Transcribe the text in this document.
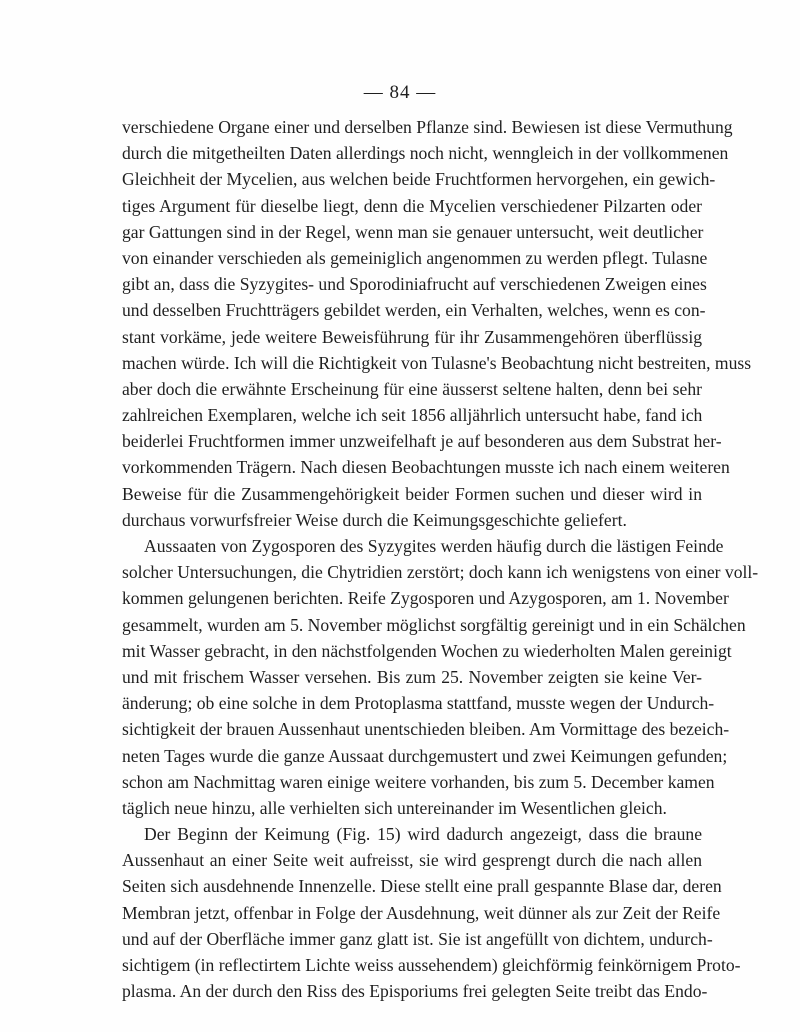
— 84 —
verschiedene Organe einer und derselben Pflanze sind. Bewiesen ist diese Vermuthung
durch die mitgetheilten Daten allerdings noch nicht, wenngleich in der vollkommenen
Gleichheit der Mycelien, aus welchen beide Fruchtformen hervorgehen, ein gewich-
tiges Argument für dieselbe liegt, denn die Mycelien verschiedener Pilzarten oder
gar Gattungen sind in der Regel, wenn man sie genauer untersucht, weit deutlicher
von einander verschieden als gemeiniglich angenommen zu werden pflegt. Tulasne
gibt an, dass die Syzygites- und Sporodiniafrucht auf verschiedenen Zweigen eines
und desselben Fruchtträgers gebildet werden, ein Verhalten, welches, wenn es con-
stant vorkäme, jede weitere Beweisführung für ihr Zusammengehören überflüssig
machen würde. Ich will die Richtigkeit von Tulasne's Beobachtung nicht bestreiten, muss
aber doch die erwähnte Erscheinung für eine äusserst seltene halten, denn bei sehr
zahlreichen Exemplaren, welche ich seit 1856 alljährlich untersucht habe, fand ich
beiderlei Fruchtformen immer unzweifelhaft je auf besonderen aus dem Substrat her-
vorkommenden Trägern. Nach diesen Beobachtungen musste ich nach einem weiteren
Beweise für die Zusammengehörigkeit beider Formen suchen und dieser wird in
durchaus vorwurfsfreier Weise durch die Keimungsgeschichte geliefert.
Aussaaten von Zygosporen des Syzygites werden häufig durch die lästigen Feinde
solcher Untersuchungen, die Chytridien zerstört; doch kann ich wenigstens von einer voll-
kommen gelungenen berichten. Reife Zygosporen und Azygosporen, am 1. November
gesammelt, wurden am 5. November möglichst sorgfältig gereinigt und in ein Schälchen
mit Wasser gebracht, in den nächstfolgenden Wochen zu wiederholten Malen gereinigt
und mit frischem Wasser versehen. Bis zum 25. November zeigten sie keine Ver-
änderung; ob eine solche in dem Protoplasma stattfand, musste wegen der Undurch-
sichtigkeit der brauen Aussenhaut unentschieden bleiben. Am Vormittage des bezeich-
neten Tages wurde die ganze Aussaat durchgemustert und zwei Keimungen gefunden;
schon am Nachmittag waren einige weitere vorhanden, bis zum 5. December kamen
täglich neue hinzu, alle verhielten sich untereinander im Wesentlichen gleich.
Der Beginn der Keimung (Fig. 15) wird dadurch angezeigt, dass die braune
Aussenhaut an einer Seite weit aufreisst, sie wird gesprengt durch die nach allen
Seiten sich ausdehnende Innenzelle. Diese stellt eine prall gespannte Blase dar, deren
Membran jetzt, offenbar in Folge der Ausdehnung, weit dünner als zur Zeit der Reife
und auf der Oberfläche immer ganz glatt ist. Sie ist angefüllt von dichtem, undurch-
sichtigem (in reflectirtem Lichte weiss aussehendem) gleichförmig feinkörnigem Proto-
plasma. An der durch den Riss des Episporiums frei gelegten Seite treibt das Endo-
